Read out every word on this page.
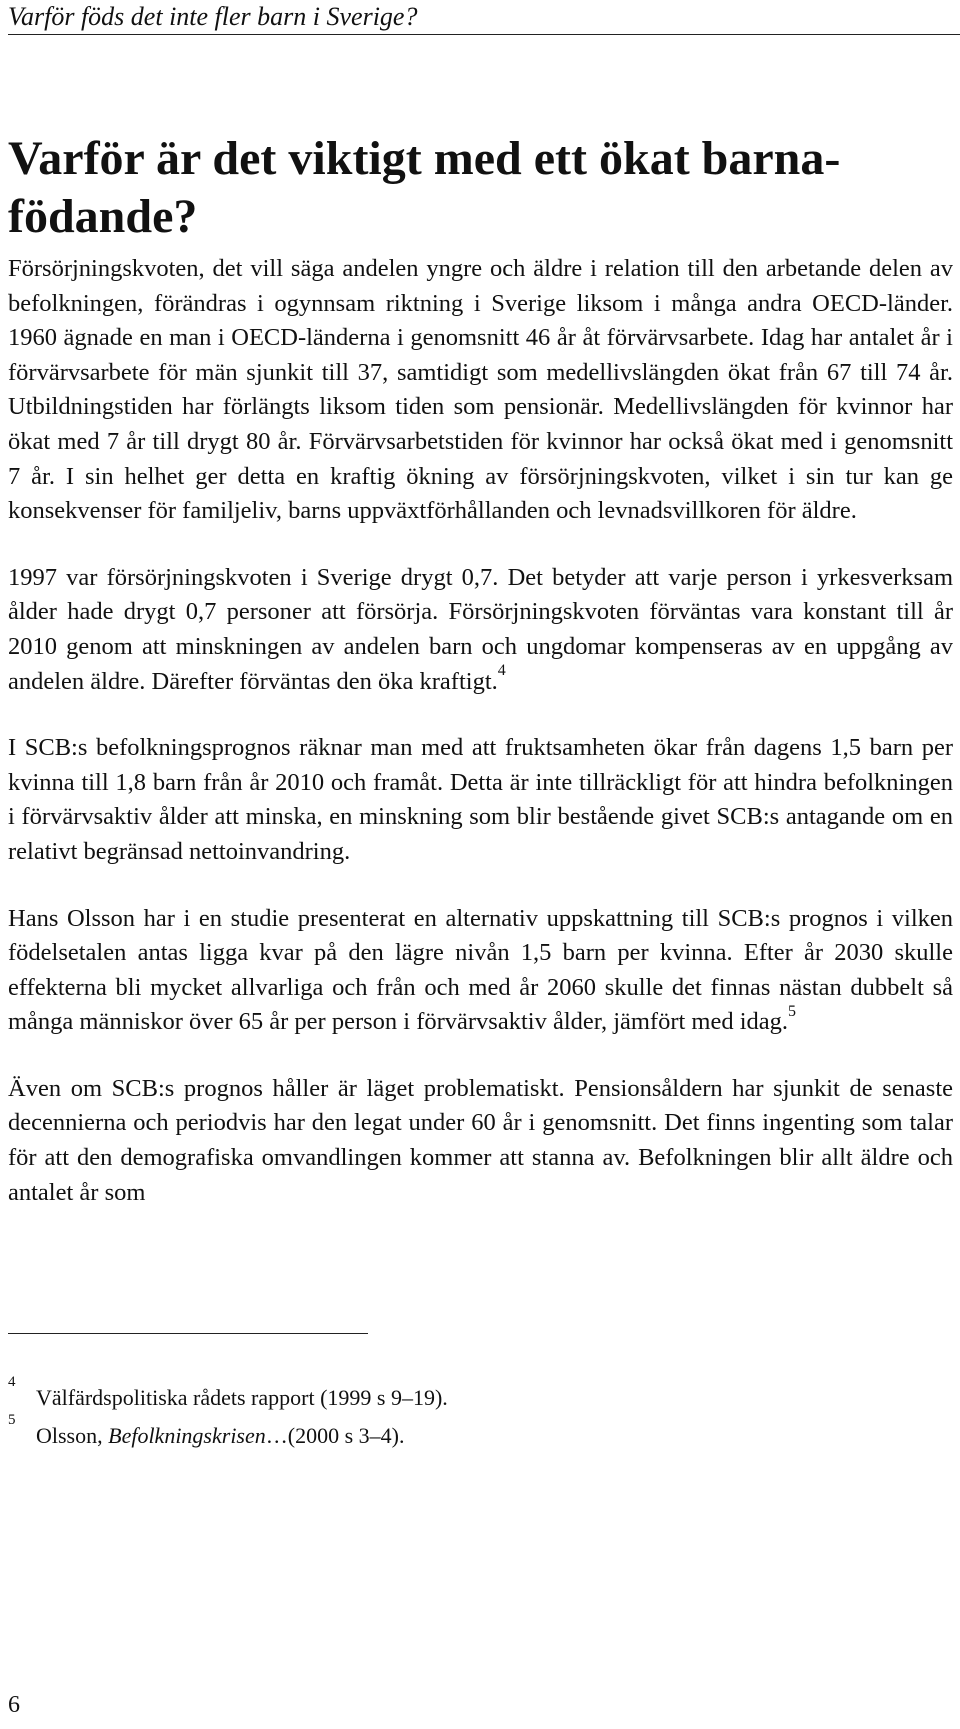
Varför föds det inte fler barn i Sverige?
Varför är det viktigt med ett ökat barnafödande?

Försörjningskvoten, det vill säga andelen yngre och äldre i relation till den arbetande delen av befolkningen, förändras i ogynnsam riktning i Sverige liksom i många andra OECD-länder. 1960 ägnade en man i OECD-länderna i genomsnitt 46 år åt förvärvsarbete. Idag har antalet år i förvärvsarbete för män sjunkit till 37, samtidigt som medellivslängden ökat från 67 till 74 år. Utbildningstiden har förlängts liksom tiden som pensionär. Medellivslängden för kvinnor har ökat med 7 år till drygt 80 år. Förvärvsarbetstiden för kvinnor har också ökat med i genomsnitt 7 år. I sin helhet ger detta en kraftig ökning av försörjningskvoten, vilket i sin tur kan ge konsekvenser för familjeliv, barns uppväxtförhållanden och levnadsvillkoren för äldre.

1997 var försörjningskvoten i Sverige drygt 0,7. Det betyder att varje person i yrkesverksam ålder hade drygt 0,7 personer att försörja. Försörjningskvoten förväntas vara konstant till år 2010 genom att minskningen av andelen barn och ungdomar kompenseras av en uppgång av andelen äldre. Därefter förväntas den öka kraftigt.$^4$

I SCB:s befolkningsprognos räknar man med att fruktsamheten ökar från dagens 1,5 barn per kvinna till 1,8 barn från år 2010 och framåt. Detta är inte tillräckligt för att hindra befolkningen i förvärvsaktiv ålder att minska, en minskning som blir bestående givet SCB:s antagande om en relativt begränsad nettoinvandring.

Hans Olsson har i en studie presenterat en alternativ uppskattning till SCB:s prognos i vilken födelsetalen antas ligga kvar på den lägre nivån 1,5 barn per kvinna. Efter år 2030 skulle effekterna bli mycket allvarliga och från och med år 2060 skulle det finnas nästan dubbelt så många människor över 65 år per person i förvärvsaktiv ålder, jämfört med idag.$^5$

Även om SCB:s prognos håller är läget problematiskt. Pensionsåldern har sjunkit de senaste decennierna och periodvis har den legat under 60 år i genomsnitt. Det finns ingenting som talar för att den demografiska omvandlingen kommer att stanna av. Befolkningen blir allt äldre och antalet år som

4
Välfärdspolitiska rådets rapport (1999 s 9–19).
5
Olsson, Befolkningskrisen…(2000 s 3–4).
6
